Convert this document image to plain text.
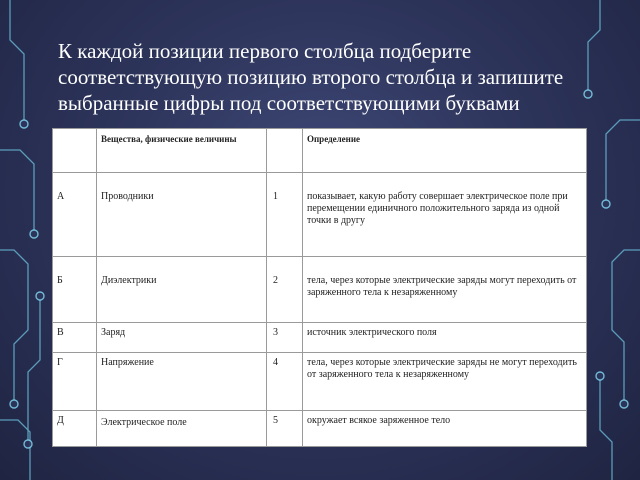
К каждой позиции первого столбца подберите соответствующую позицию второго столбца и запишите выбранные цифры под соответствующими буквами
	Вещества, физические величины		Определение
А	Проводники	1	показывает, какую работу совершает электрическое поле при перемещении единичного положительного заряда из одной точки в другу
Б	Диэлектрики	2	тела, через которые электрические заряды могут переходить от заряженного тела к незаряженному
В	Заряд	3	источник электрического поля
Г	Напряжение	4	тела, через которые электрические заряды не могут переходить от заряженного тела к незаряженному
Д	Электрическое поле	5	окружает всякое заряженное тело
